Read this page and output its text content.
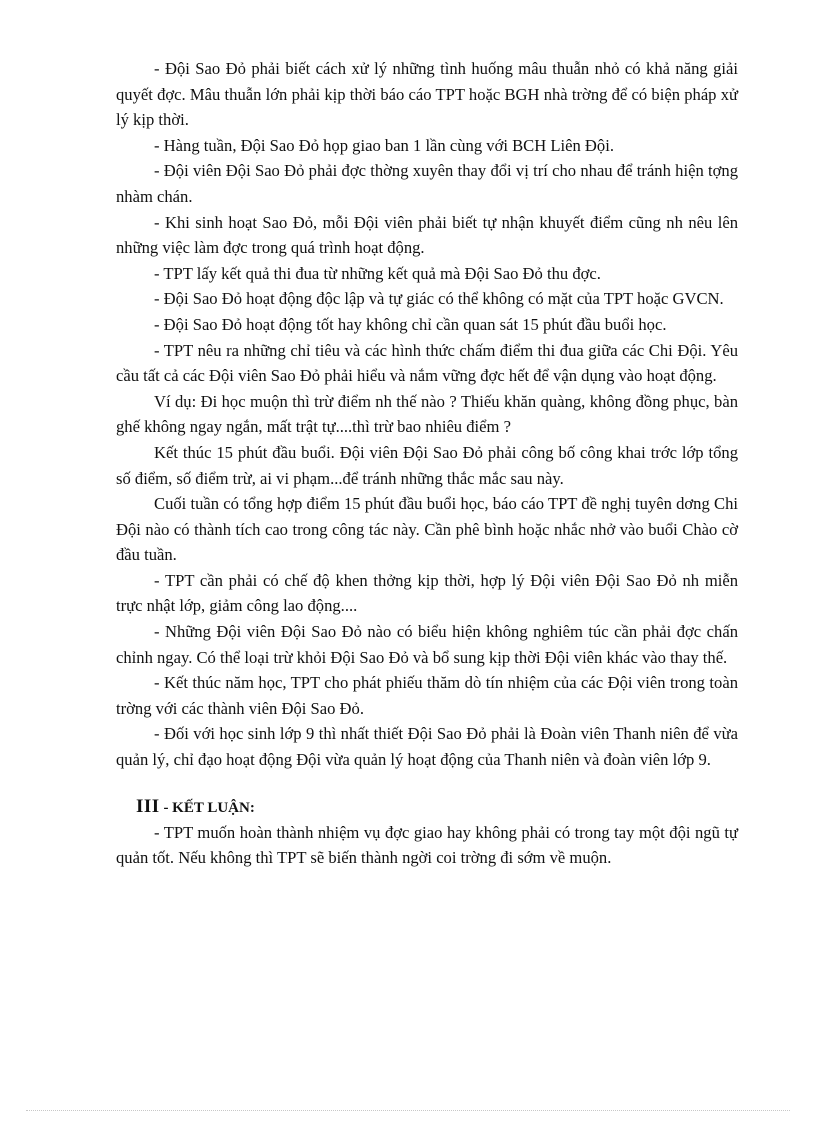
- Đội Sao Đỏ phải biết cách xử lý những tình huống mâu thuẫn nhỏ có khả năng giải quyết đợc. Mâu thuẫn lớn phải kịp thời báo cáo TPT hoặc BGH nhà trờng để có biện pháp xử lý kịp thời.

- Hàng tuần, Đội Sao Đỏ họp giao ban 1 lần cùng với BCH Liên Đội.

- Đội viên Đội Sao Đỏ phải đợc thờng xuyên thay đổi vị trí cho nhau để tránh hiện tợng nhàm chán.

- Khi sinh hoạt Sao Đỏ, mỗi Đội viên phải biết tự nhận khuyết điểm cũng nh nêu lên những việc làm đợc trong quá trình hoạt động.

- TPT lấy kết quả thi đua từ những kết quả mà Đội Sao Đỏ thu đợc.

- Đội Sao Đỏ hoạt động độc lập và tự giác có thể không có mặt của TPT hoặc GVCN.

- Đội Sao Đỏ hoạt động tốt hay không chỉ cần quan sát 15 phút đầu buổi học.

- TPT nêu ra những chỉ tiêu và các hình thức chấm điểm thi đua giữa các Chi Đội. Yêu cầu tất cả các Đội viên Sao Đỏ phải hiểu và nắm vững đợc hết để vận dụng vào hoạt động.

Ví dụ: Đi học muộn thì trừ điểm nh thế nào ? Thiếu khăn quàng, không đồng phục, bàn ghế không ngay ngắn, mất trật tự....thì trừ bao nhiêu điểm ?

Kết thúc 15 phút đầu buổi. Đội viên Đội Sao Đỏ phải công bố công khai trớc lớp tổng số điểm, số điểm trừ, ai vi phạm...để tránh những thắc mắc sau này.

Cuối tuần có tổng hợp điểm 15 phút đầu buổi học, báo cáo TPT đề nghị tuyên dơng Chi Đội nào có thành tích cao trong công tác này. Cần phê bình hoặc nhắc nhở vào buổi Chào cờ đầu tuần.

- TPT cần phải có chế độ khen thởng kịp thời, hợp lý Đội viên Đội Sao Đỏ nh miễn trực nhật lớp, giảm công lao động....

- Những Đội viên Đội Sao Đỏ nào có biểu hiện không nghiêm túc cần phải đợc chấn chỉnh ngay. Có thể loại trừ khỏi Đội Sao Đỏ và bổ sung kịp thời Đội viên khác vào thay thế.

- Kết thúc năm học, TPT cho phát phiếu thăm dò tín nhiệm của các Đội viên trong toàn trờng với các thành viên Đội Sao Đỏ.

- Đối với học sinh lớp 9 thì nhất thiết Đội Sao Đỏ phải là Đoàn viên Thanh niên để vừa quản lý, chỉ đạo hoạt động Đội vừa quản lý hoạt động của Thanh niên và đoàn viên lớp 9.

III - KẾT LUẬN:

- TPT muốn hoàn thành nhiệm vụ đợc giao hay không phải có trong tay một đội ngũ tự quản tốt. Nếu không thì TPT sẽ biến thành ngời coi trờng đi sớm về muộn.
